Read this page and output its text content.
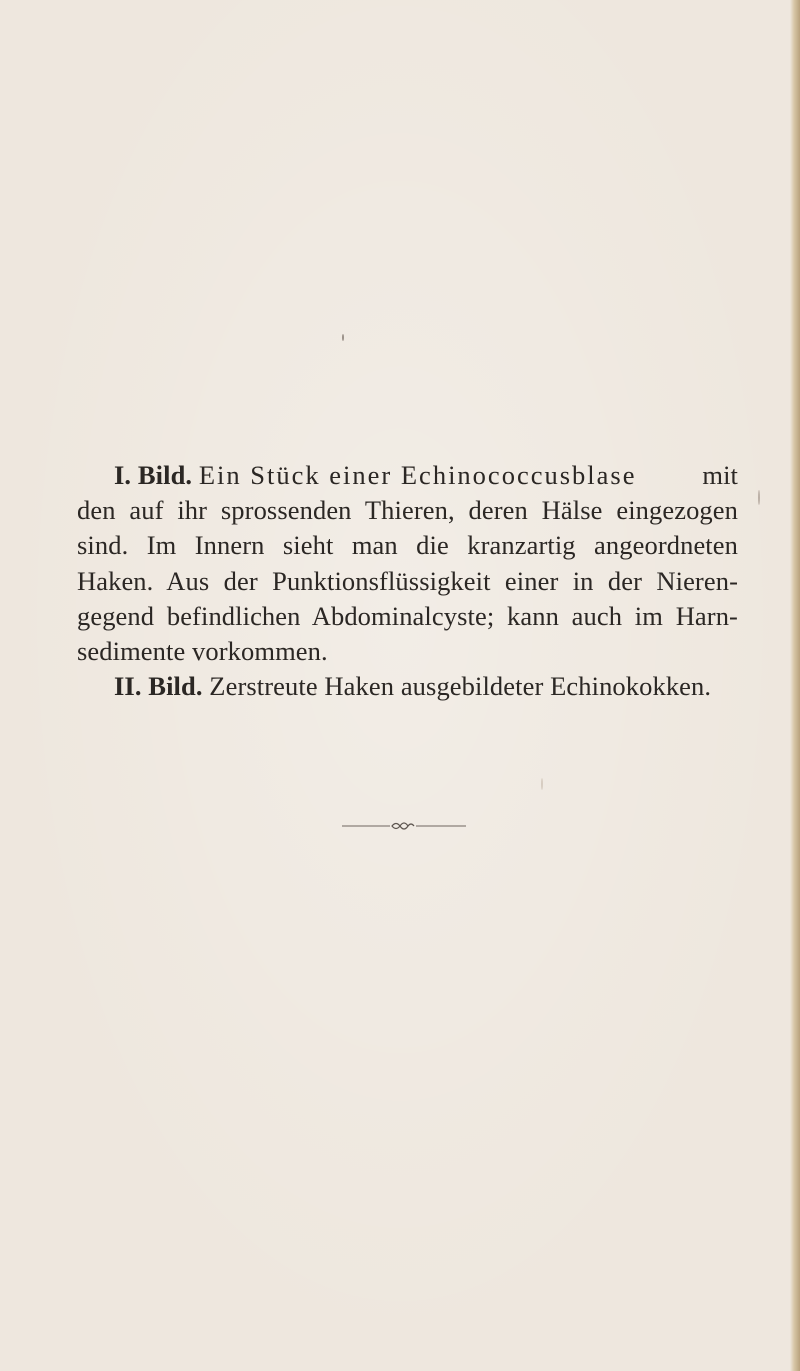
I. Bild. Ein Stück einer Echinococcusblase mit
den auf ihr sprossenden Thieren, deren Hälse eingezogen
sind. Im Innern sieht man die kranzartig angeordneten
Haken. Aus der Punktionsflüssigkeit einer in der Nieren-
gegend befindlichen Abdominalcyste; kann auch im Harn-
sedimente vorkommen.
II. Bild. Zerstreute Haken ausgebildeter Echinokokken.
